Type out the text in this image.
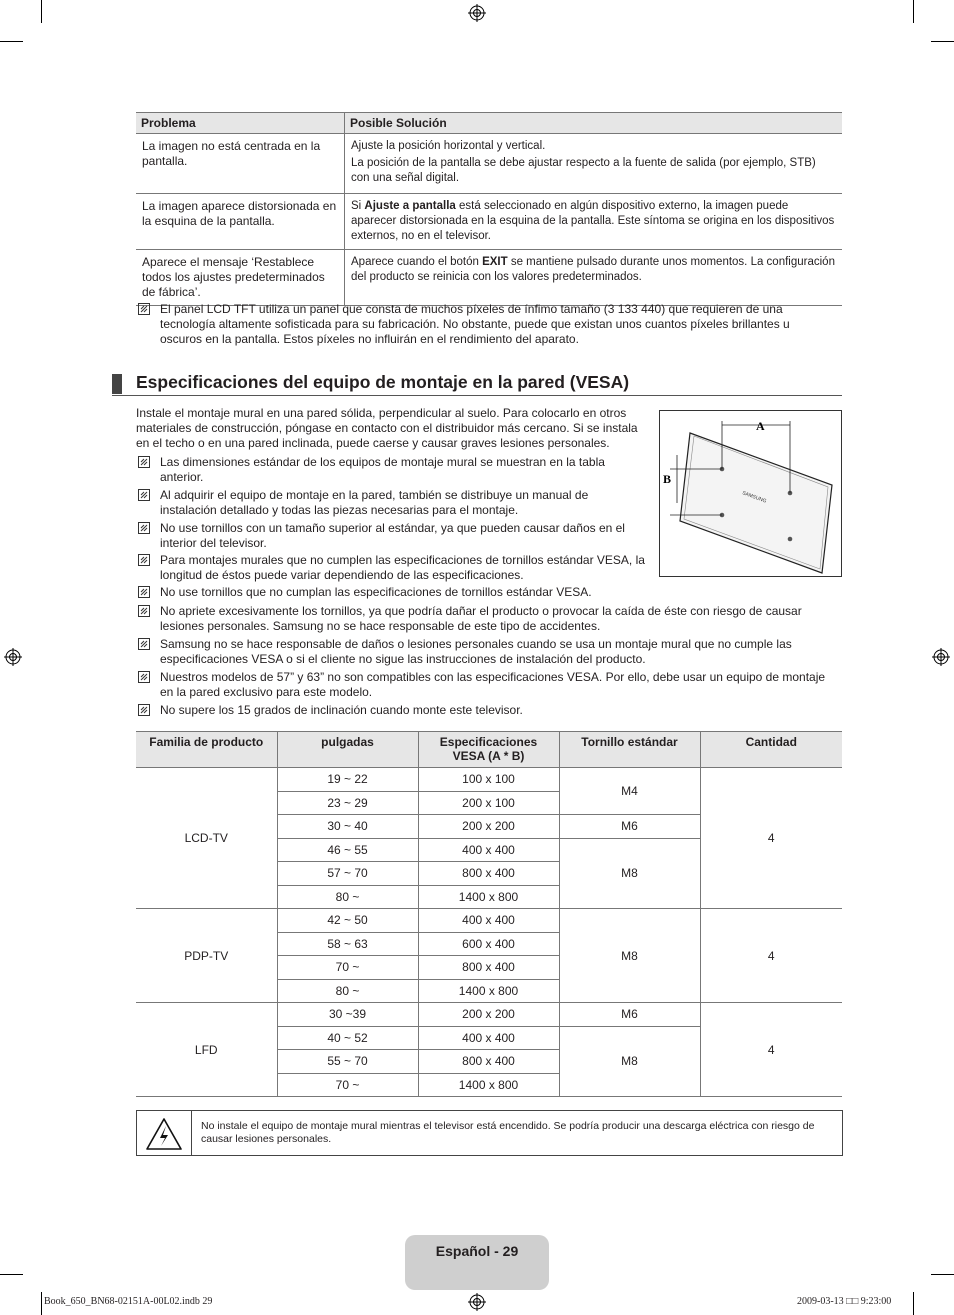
Problema	Posible Solución
La imagen no está centrada en la pantalla.	Ajuste la posición horizontal y vertical.

La posición de la pantalla se debe ajustar respecto a la fuente de salida (por ejemplo, STB) con una señal digital.

La imagen aparece distorsionada en la esquina de la pantalla.	Si Ajuste a pantalla está seleccionado en algún dispositivo externo, la imagen puede aparecer distorsionada en la esquina de la pantalla. Este síntoma se origina en los dispositivos externos, no en el televisor.
Aparece el mensaje ‘Restablece todos los ajustes predeterminados de fábrica’.	Aparece cuando el botón EXIT se mantiene pulsado durante unos momentos. La configuración del producto se reinicia con los valores predeterminados.
El panel LCD TFT utiliza un panel que consta de muchos píxeles de ínfimo tamaño (3 133 440) que requieren de una tecnología altamente sofisticada para su fabricación. No obstante, puede que existan unos cuantos píxeles brillantes u oscuros en la pantalla. Estos píxeles no influirán en el rendimiento del aparato.
Especificaciones del equipo de montaje en la pared (VESA)
Instale el montaje mural en una pared sólida, perpendicular al suelo. Para colocarlo en otros materiales de construcción, póngase en contacto con el distribuidor más cercano. Si se instala en el techo o en una pared inclinada, puede caerse y causar graves lesiones personales.
SAMSUNG
A
B
Las dimensiones estándar de los equipos de montaje mural se muestran en la tabla anterior.
Al adquirir el equipo de montaje en la pared, también se distribuye un manual de instalación detallado y todas las piezas necesarias para el montaje.
No use tornillos con un tamaño superior al estándar, ya que pueden causar daños en el interior del televisor.
Para montajes murales que no cumplen las especificaciones de tornillos estándar VESA, la longitud de éstos puede variar dependiendo de las especificaciones.
No use tornillos que no cumplan las especificaciones de tornillos estándar VESA.
No apriete excesivamente los tornillos, ya que podría dañar el producto o provocar la caída de éste con riesgo de causar lesiones personales. Samsung no se hace responsable de este tipo de accidentes.
Samsung no se hace responsable de daños o lesiones personales cuando se usa un montaje mural que no cumple las especificaciones VESA o si el cliente no sigue las instrucciones de instalación del producto.
Nuestros modelos de 57” y 63” no son compatibles con las especificaciones VESA. Por ello, debe usar un equipo de montaje en la pared exclusivo para este modelo.
No supere los 15 grados de inclinación cuando monte este televisor.
Familia de producto	pulgadas	Especificaciones VESA (A * B)	Tornillo estándar	Cantidad
LCD-TV	19 ~ 22	100 x 100	M4	4
	23 ~ 29	200 x 100		
	30 ~ 40	200 x 200	M6	
	46 ~ 55	400 x 400	M8	
	57 ~ 70	800 x 400		
	80 ~	1400 x 800		
PDP-TV	42 ~ 50	400 x 400	M8	4
	58 ~ 63	600 x 400		
	70 ~	800 x 400		
	80 ~	1400 x 800		
LFD	30 ~39	200 x 200	M6	4
	40 ~ 52	400 x 400	M8	
	55 ~ 70	800 x 400		
	70 ~	1400 x 800		
No instale el equipo de montaje mural mientras el televisor está encendido. Se podría producir una descarga eléctrica con riesgo de causar lesiones personales.
Español - 29
Book_650_BN68-02151A-00L02.indb 29	2009-03-13 □□ 9:23:00
